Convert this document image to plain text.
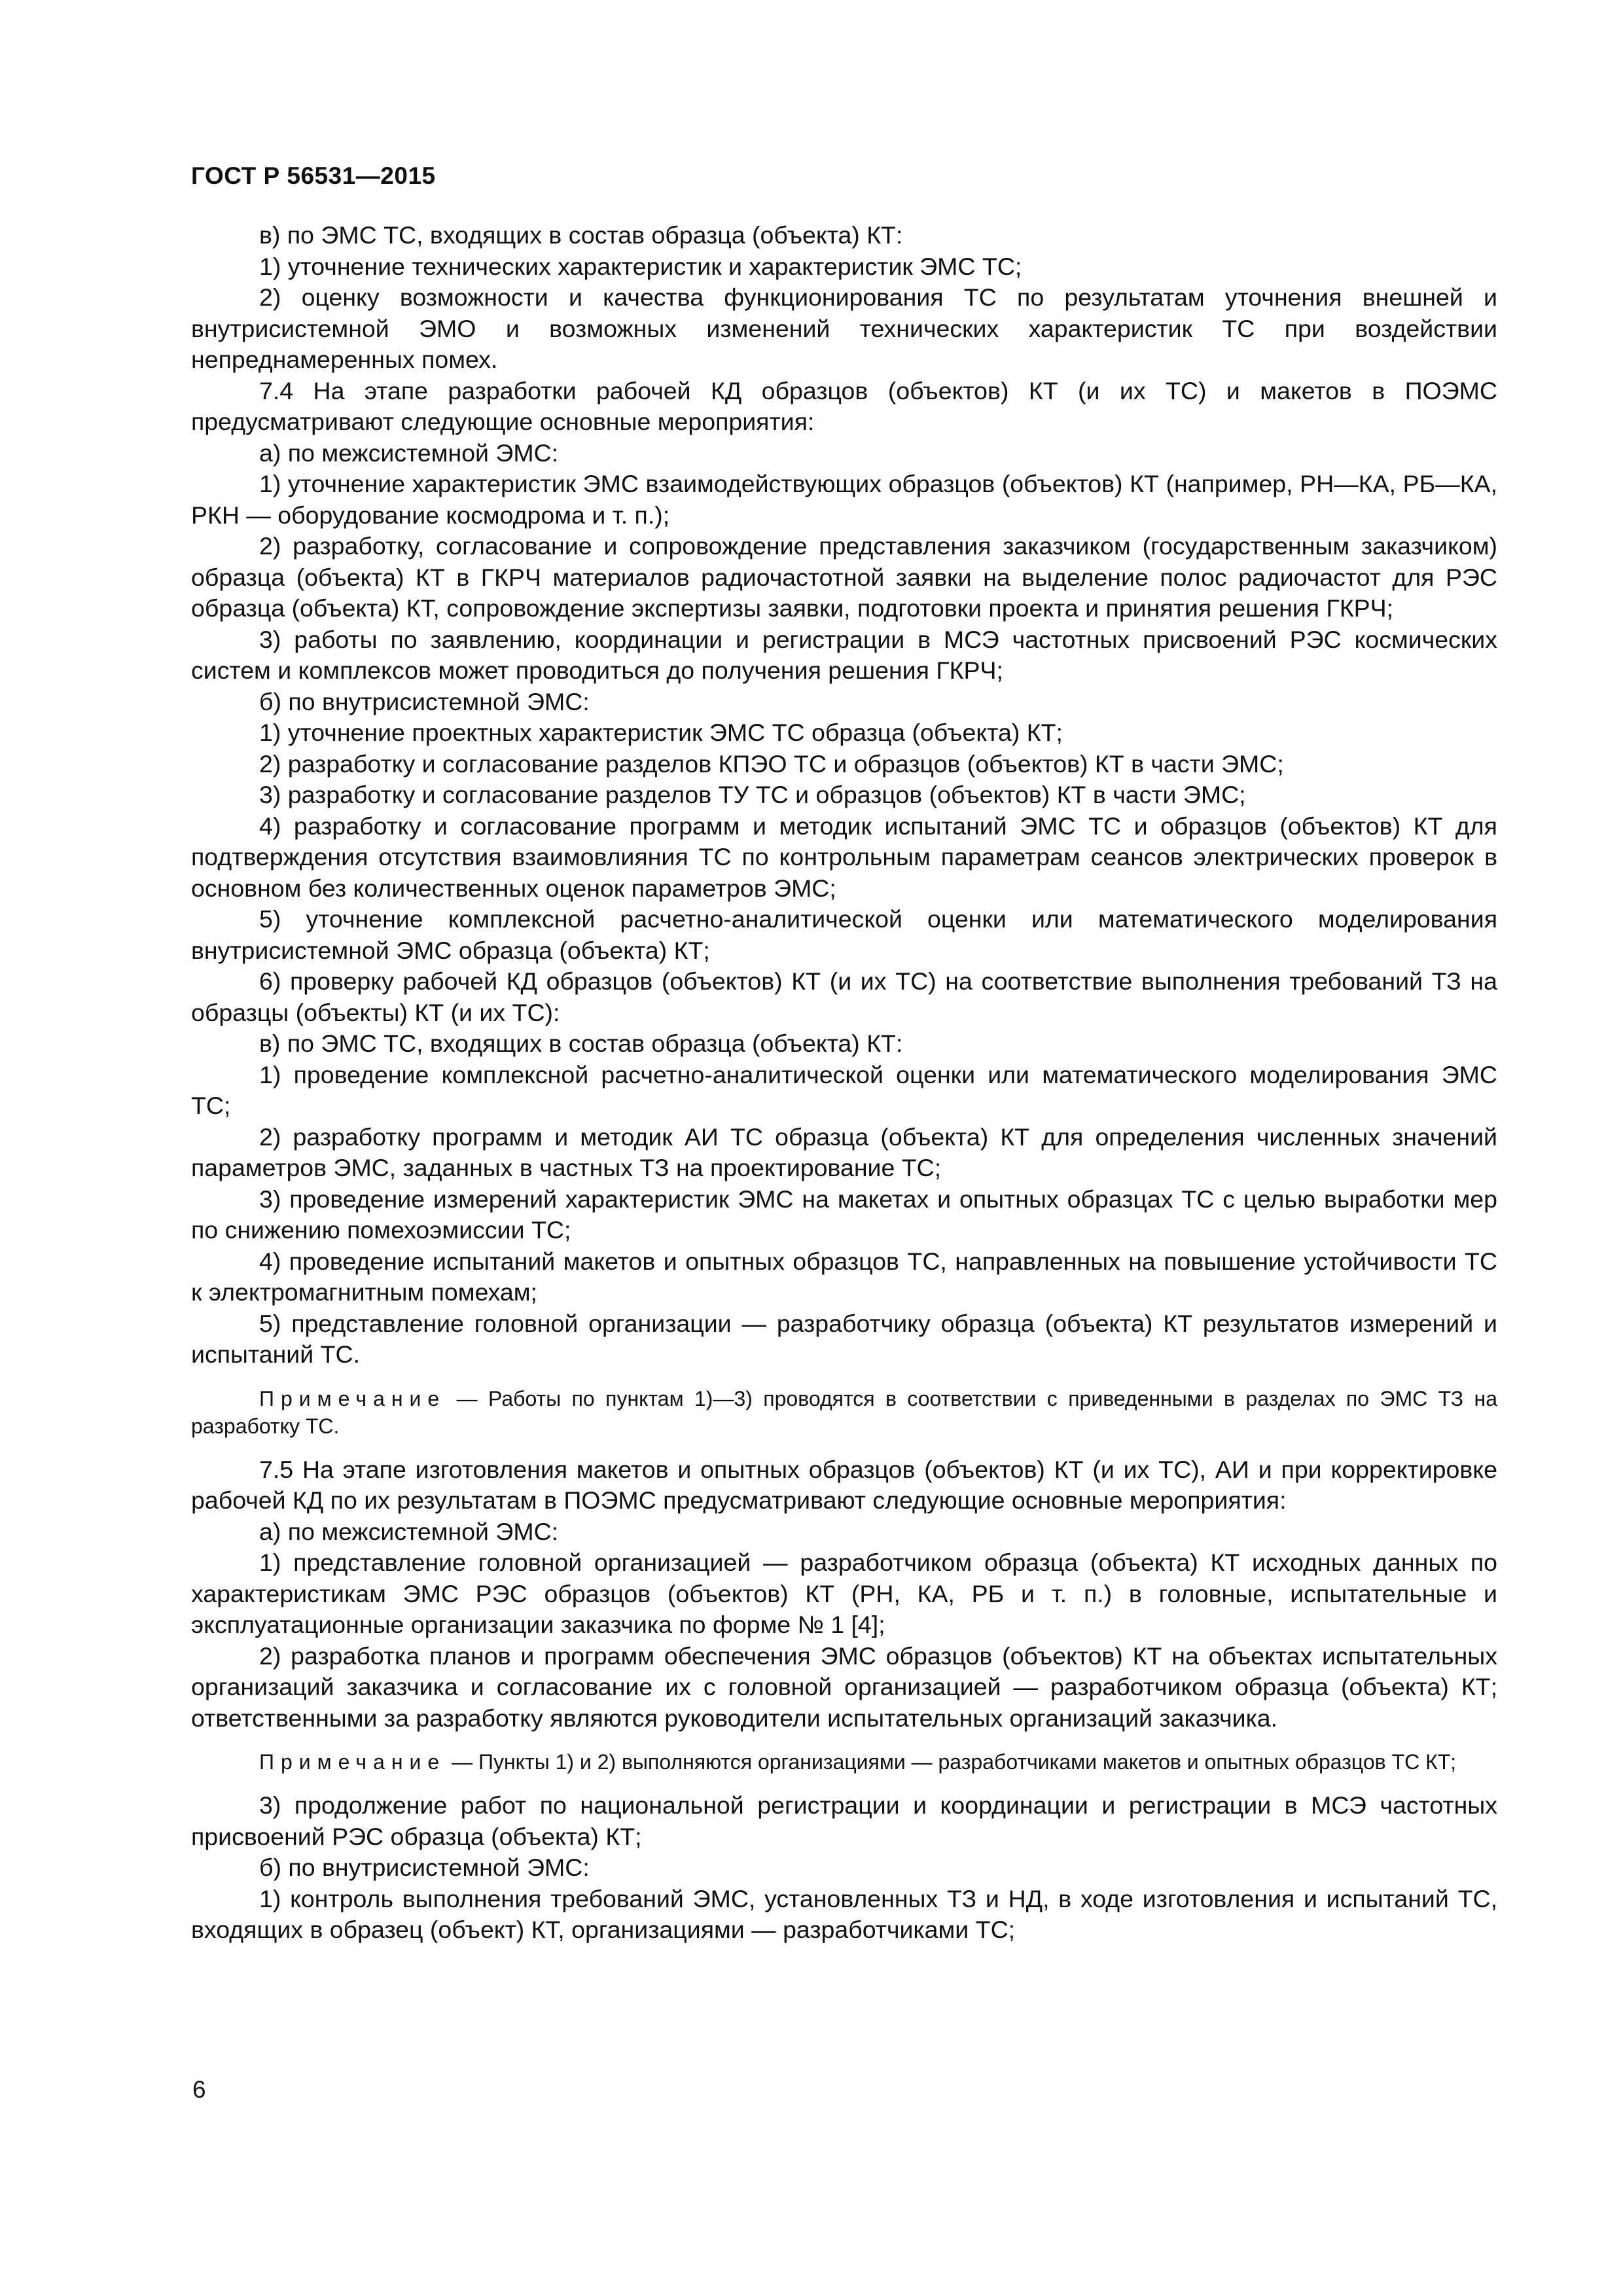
ГОСТ Р 56531—2015

в) по ЭМС ТС, входящих в состав образца (объекта) КТ:

1) уточнение технических характеристик и характеристик ЭМС ТС;

2) оценку возможности и качества функционирования ТС по результатам уточнения внешней и внутрисистемной ЭМО и возможных изменений технических характеристик ТС при воздействии непреднамеренных помех.

7.4 На этапе разработки рабочей КД образцов (объектов) КТ (и их ТС) и макетов в ПОЭМС предусматривают следующие основные мероприятия:

а) по межсистемной ЭМС:

1) уточнение характеристик ЭМС взаимодействующих образцов (объектов) КТ (например, РН—КА, РБ—КА, РКН — оборудование космодрома и т. п.);

2) разработку, согласование и сопровождение представления заказчиком (государственным заказчиком) образца (объекта) КТ в ГКРЧ материалов радиочастотной заявки на выделение полос радиочастот для РЭС образца (объекта) КТ, сопровождение экспертизы заявки, подготовки проекта и принятия решения ГКРЧ;

3) работы по заявлению, координации и регистрации в МСЭ частотных присвоений РЭС космических систем и комплексов может проводиться до получения решения ГКРЧ;

б) по внутрисистемной ЭМС:

1) уточнение проектных характеристик ЭМС ТС образца (объекта) КТ;

2) разработку и согласование разделов КПЭО ТС и образцов (объектов) КТ в части ЭМС;

3) разработку и согласование разделов ТУ ТС и образцов (объектов) КТ в части ЭМС;

4) разработку и согласование программ и методик испытаний ЭМС ТС и образцов (объектов) КТ для подтверждения отсутствия взаимовлияния ТС по контрольным параметрам сеансов электрических проверок в основном без количественных оценок параметров ЭМС;

5) уточнение комплексной расчетно-аналитической оценки или математического моделирования внутрисистемной ЭМС образца (объекта) КТ;

6) проверку рабочей КД образцов (объектов) КТ (и их ТС) на соответствие выполнения требований ТЗ на образцы (объекты) КТ (и их ТС):

в) по ЭМС ТС, входящих в состав образца (объекта) КТ:

1) проведение комплексной расчетно-аналитической оценки или математического моделирования ЭМС ТС;

2) разработку программ и методик АИ ТС образца (объекта) КТ для определения численных значений параметров ЭМС, заданных в частных ТЗ на проектирование ТС;

3) проведение измерений характеристик ЭМС на макетах и опытных образцах ТС с целью выработки мер по снижению помехоэмиссии ТС;

4) проведение испытаний макетов и опытных образцов ТС, направленных на повышение устойчивости ТС к электромагнитным помехам;

5) представление головной организации — разработчику образца (объекта) КТ результатов измерений и испытаний ТС.

Примечание — Работы по пунктам 1)—3) проводятся в соответствии с приведенными в разделах по ЭМС ТЗ на разработку ТС.

7.5 На этапе изготовления макетов и опытных образцов (объектов) КТ (и их ТС), АИ и при корректировке рабочей КД по их результатам в ПОЭМС предусматривают следующие основные мероприятия:

а) по межсистемной ЭМС:

1) представление головной организацией — разработчиком образца (объекта) КТ исходных данных по характеристикам ЭМС РЭС образцов (объектов) КТ (РН, КА, РБ и т. п.) в головные, испытательные и эксплуатационные организации заказчика по форме № 1 [4];

2) разработка планов и программ обеспечения ЭМС образцов (объектов) КТ на объектах испытательных организаций заказчика и согласование их с головной организацией — разработчиком образца (объекта) КТ; ответственными за разработку являются руководители испытательных организаций заказчика.

Примечание — Пункты 1) и 2) выполняются организациями — разработчиками макетов и опытных образцов ТС КТ;

3) продолжение работ по национальной регистрации и координации и регистрации в МСЭ частотных присвоений РЭС образца (объекта) КТ;

б) по внутрисистемной ЭМС:

1) контроль выполнения требований ЭМС, установленных ТЗ и НД, в ходе изготовления и испытаний ТС, входящих в образец (объект) КТ, организациями — разработчиками ТС;

6
